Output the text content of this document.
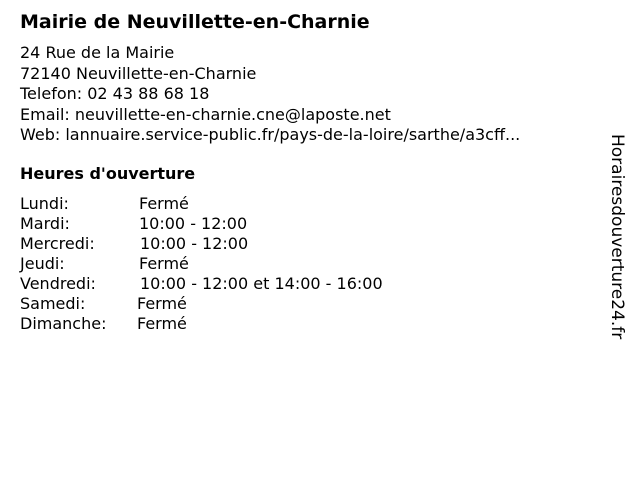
Mairie de Neuvillette-en-Charnie
24 Rue de la Mairie
72140 Neuvillette-en-Charnie
Telefon: 02 43 88 68 18
Email: neuvillette-en-charnie.cne@laposte.net
Web: lannuaire.service-public.fr/pays-de-la-loire/sarthe/a3cff...
Heures d'ouverture
Lundi:	Fermé
Mardi:	10:00 - 12:00
Mercredi:	10:00 - 12:00
Jeudi:	Fermé
Vendredi:	10:00 - 12:00 et 14:00 - 16:00
Samedi:	Fermé
Dimanche: Fermé	Horairesdouverture24.fr
